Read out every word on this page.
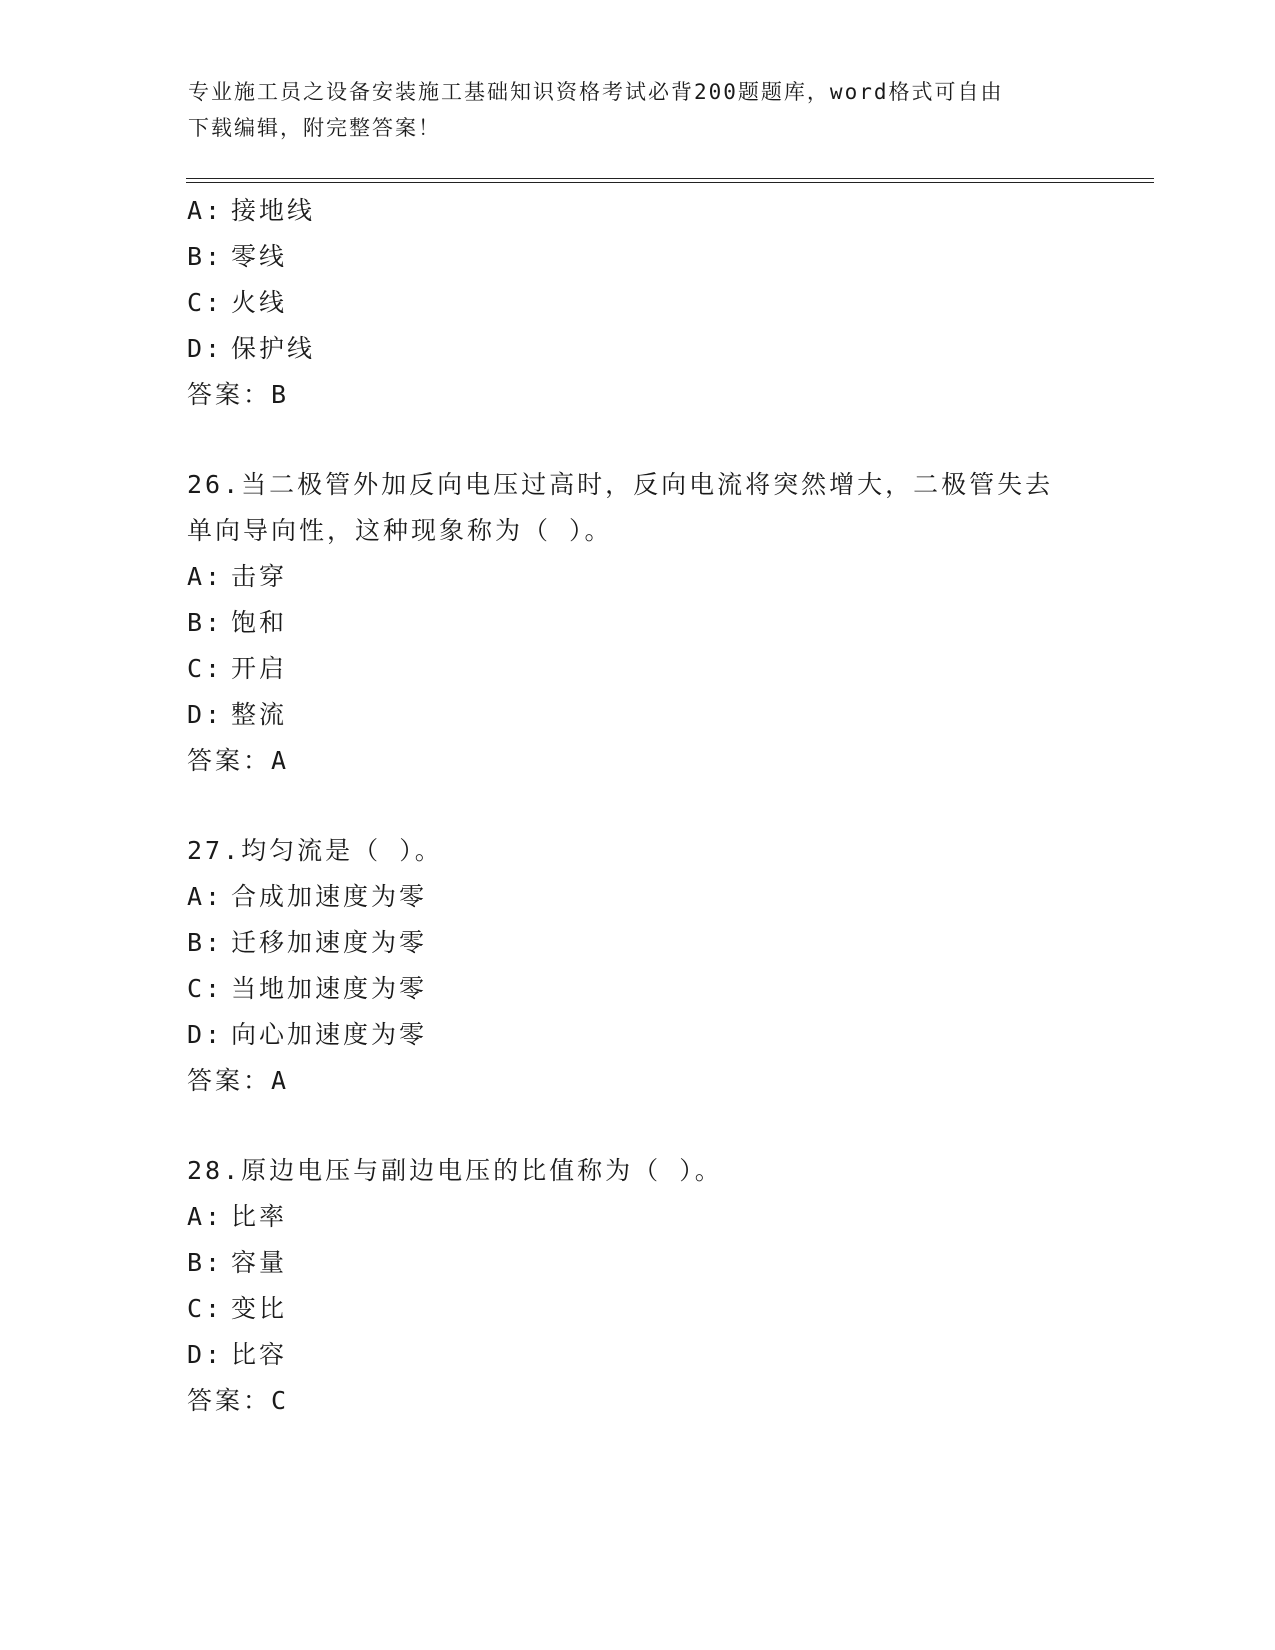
专业施工员之设备安装施工基础知识资格考试必背200题题库，word格式可自由
下载编辑，附完整答案！
A: 接地线
B: 零线
C: 火线
D: 保护线
答案：B
26.当二极管外加反向电压过高时，反向电流将突然增大，二极管失去
单向导向性，这种现象称为（ ）。
A: 击穿
B: 饱和
C: 开启
D: 整流
答案：A
27.均匀流是（ ）。
A: 合成加速度为零
B: 迁移加速度为零
C: 当地加速度为零
D: 向心加速度为零
答案：A
28.原边电压与副边电压的比值称为（ ）。
A: 比率
B: 容量
C: 变比
D: 比容
答案：C
